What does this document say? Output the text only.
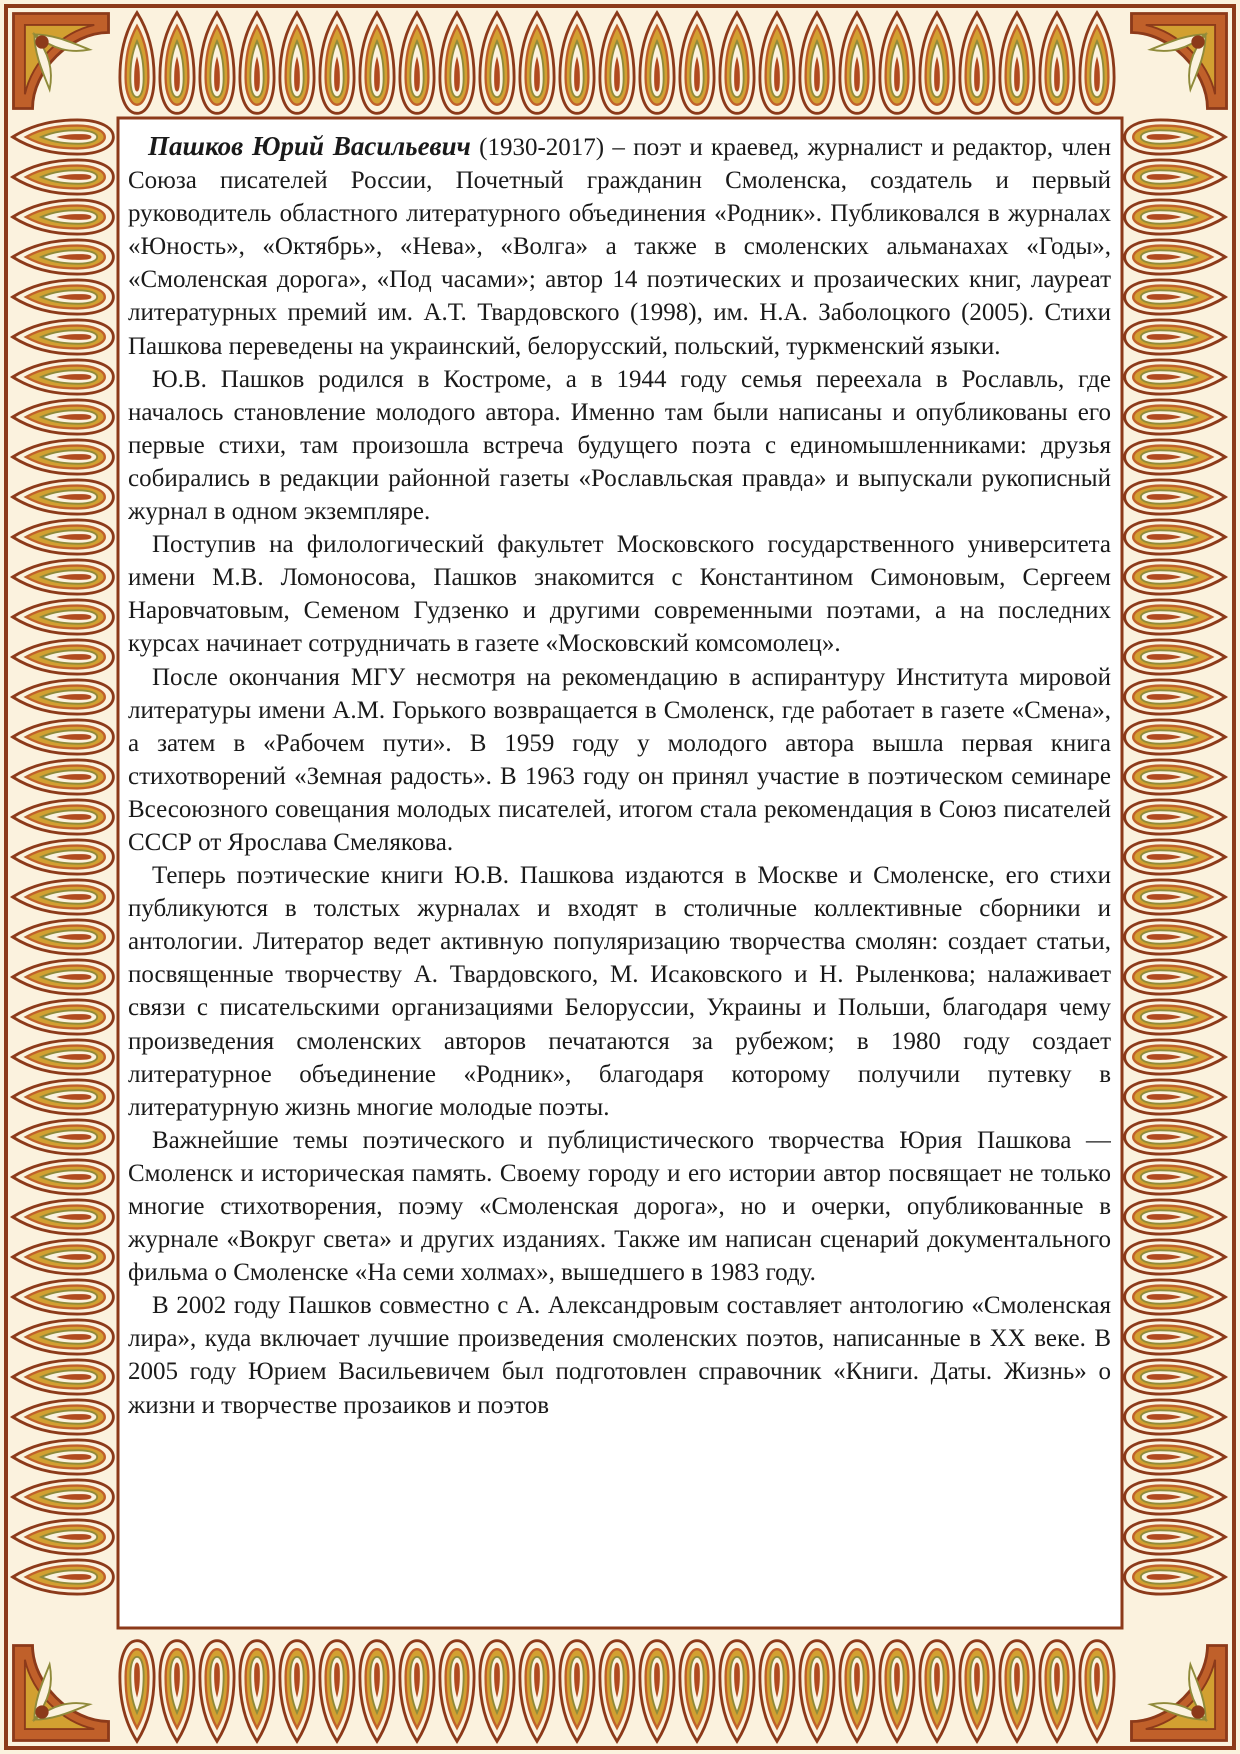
Пашков Юрий Васильевич (1930-2017) – поэт и краевед, журналист и редактор, член Союза писателей России, Почетный гражданин Смоленска, создатель и первый руководитель областного литературного объединения «Родник». Публиковался в журналах «Юность», «Октябрь», «Нева», «Волга» а также в смоленских альманахах «Годы», «Смоленская дорога», «Под часами»; автор 14 поэтических и прозаических книг, лауреат литературных премий им. А.Т. Твардовского (1998), им. Н.А. Заболоцкого (2005). Стихи Пашкова переведены на украинский, белорусский, польский, туркменский языки.

Ю.В. Пашков родился в Костроме, а в 1944 году семья переехала в Рославль, где началось становление молодого автора. Именно там были написаны и опубликованы его первые стихи, там произошла встреча будущего поэта с единомышленниками: друзья собирались в редакции районной газеты «Рославльская правда» и выпускали рукописный журнал в одном экземпляре.

Поступив на филологический факультет Московского государственного университета имени М.В. Ломоносова, Пашков знакомится с Константином Симоновым, Сергеем Наровчатовым, Семеном Гудзенко и другими современными поэтами, а на последних курсах начинает сотрудничать в газете «Московский комсомолец».

После окончания МГУ несмотря на рекомендацию в аспирантуру Института мировой литературы имени А.М. Горького возвращается в Смоленск, где работает в газете «Смена», а затем в «Рабочем пути». В 1959 году у молодого автора вышла первая книга стихотворений «Земная радость». В 1963 году он принял участие в поэтическом семинаре Всесоюзного совещания молодых писателей, итогом стала рекомендация в Союз писателей СССР от Ярослава Смелякова.

Теперь поэтические книги Ю.В. Пашкова издаются в Москве и Смоленске, его стихи публикуются в толстых журналах и входят в столичные коллективные сборники и антологии. Литератор ведет активную популяризацию творчества смолян: создает статьи, посвященные творчеству А. Твардовского, М. Исаковского и Н. Рыленкова; налаживает связи с писательскими организациями Белоруссии, Украины и Польши, благодаря чему произведения смоленских авторов печатаются за рубежом; в 1980 году создает литературное объединение «Родник», благодаря которому получили путевку в литературную жизнь многие молодые поэты.

Важнейшие темы поэтического и публицистического творчества Юрия Пашкова — Смоленск и историческая память. Своему городу и его истории автор посвящает не только многие стихотворения, поэму «Смоленская дорога», но и очерки, опубликованные в журнале «Вокруг света» и других изданиях. Также им написан сценарий документального фильма о Смоленске «На семи холмах», вышедшего в 1983 году.

В 2002 году Пашков совместно с А. Александровым составляет антологию «Смоленская лира», куда включает лучшие произведения смоленских поэтов, написанные в XX веке. В 2005 году Юрием Васильевичем был подготовлен справочник «Книги. Даты. Жизнь» о жизни и творчестве прозаиков и поэтов
